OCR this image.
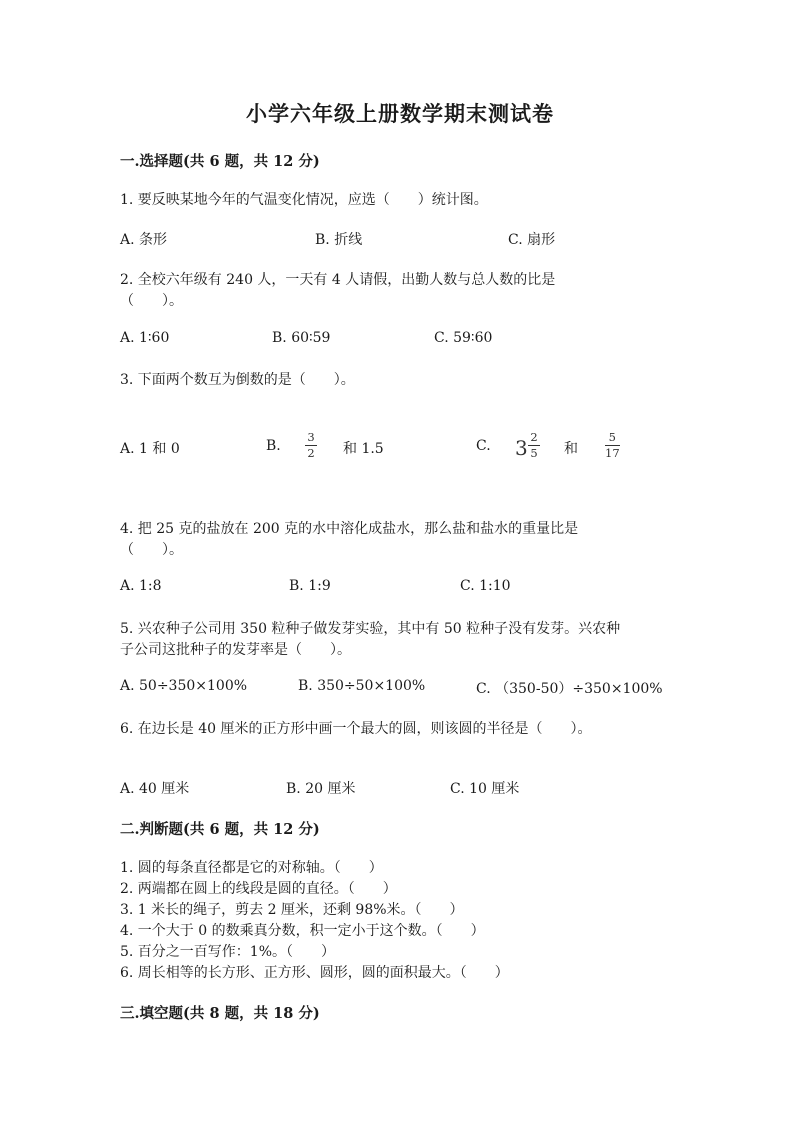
小学六年级上册数学期末测试卷
一.选择题(共 6 题，共 12 分)
1. 要反映某地今年的气温变化情况，应选（　　）统计图。
A. 条形	B. 折线	C. 扇形
2. 全校六年级有 240 人，一天有 4 人请假，出勤人数与总人数的比是
（　　）。
A. 1∶60	B. 60∶59	C. 59∶60
3. 下面两个数互为倒数的是（　　）。
A. 1 和 0	B.
3
2 和 1.5	C. 3 2
5 和
5
17
4. 把 25 克的盐放在 200 克的水中溶化成盐水，那么盐和盐水的重量比是
（　　）。
A. 1:8	B. 1:9	C. 1:10
5. 兴农种子公司用 350 粒种子做发芽实验，其中有 50 粒种子没有发芽。兴农种
子公司这批种子的发芽率是（　　）。
A. 50÷350×100%	B. 350÷50×100%	C. （350-50）÷350×100%
6. 在边长是 40 厘米的正方形中画一个最大的圆，则该圆的半径是（　　）。
A. 40 厘米	B. 20 厘米	C. 10 厘米
二.判断题(共 6 题，共 12 分)
1. 圆的每条直径都是它的对称轴。（　　）
2. 两端都在圆上的线段是圆的直径。（　　）
3. 1 米长的绳子，剪去 2 厘米，还剩 98%米。（　　）
4. 一个大于 0 的数乘真分数，积一定小于这个数。（　　）
5. 百分之一百写作：1%。（　　）
6. 周长相等的长方形、正方形、圆形，圆的面积最大。（　　）
三.填空题(共 8 题，共 18 分)
